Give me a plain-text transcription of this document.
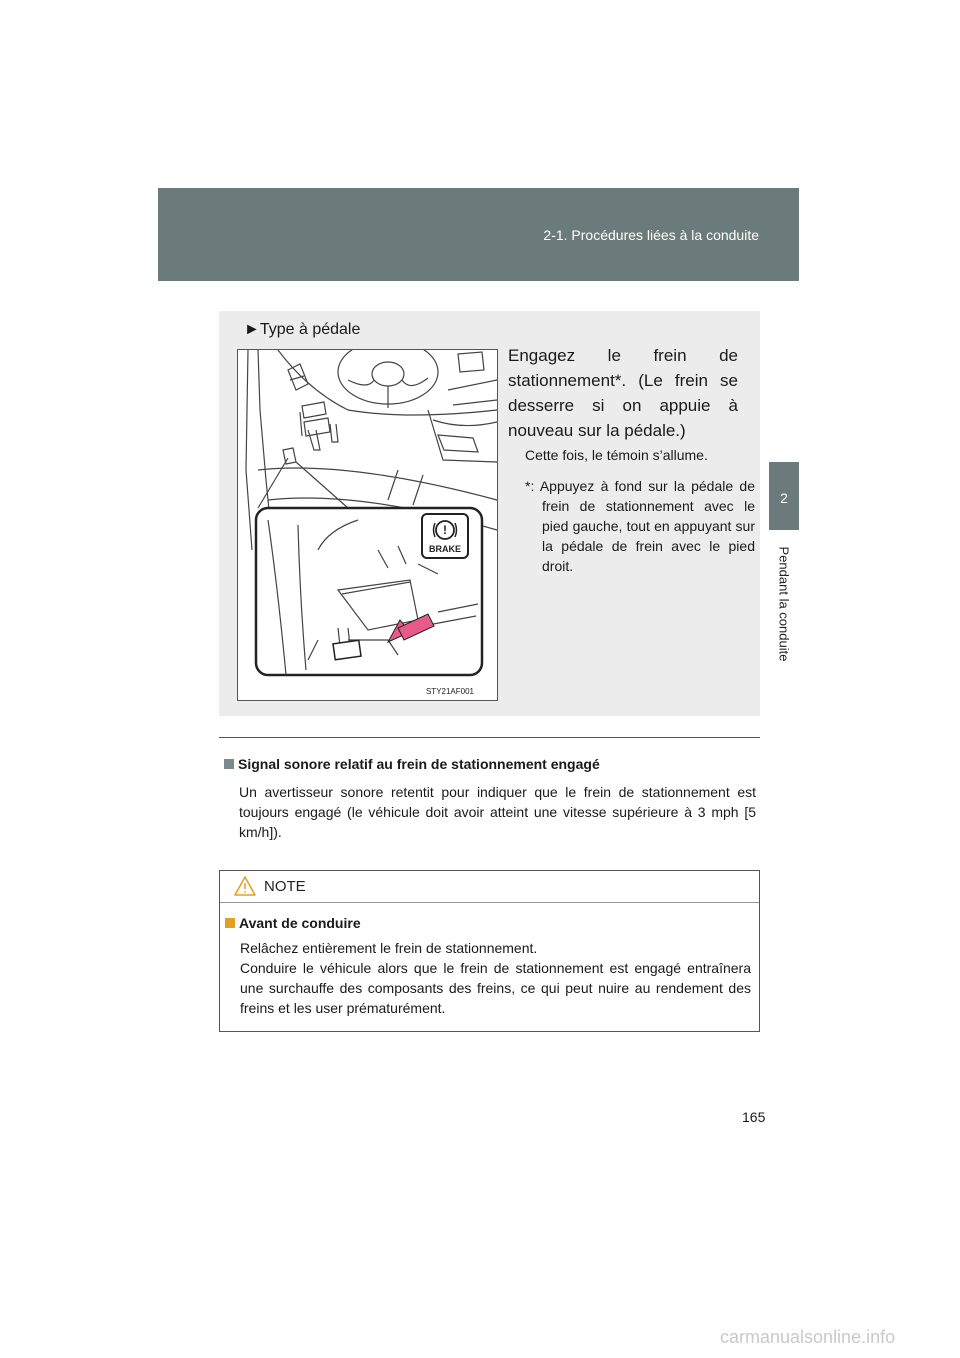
2-1. Procédures liées à la conduite
2
Pendant la conduite
►Type à pédale
!
BRAKE
STY21AF001
Engagez le frein de stationnement*. (Le frein se desserre si on appuie à nouveau sur la pédale.)
Cette fois, le témoin s’allume.
*: Appuyez à fond sur la pédale de frein de stationnement avec le pied gauche, tout en appuyant sur la pédale de frein avec le pied droit.
Signal sonore relatif au frein de stationnement engagé
Un avertisseur sonore retentit pour indiquer que le frein de stationnement est toujours engagé (le véhicule doit avoir atteint une vitesse supérieure à 3 mph [5 km/h]).
NOTE
Avant de conduire
Relâchez entièrement le frein de stationnement.
Conduire le véhicule alors que le frein de stationnement est engagé entraînera une surchauffe des composants des freins, ce qui peut nuire au rendement des freins et les user prématurément.
165
carmanualsonline.info
